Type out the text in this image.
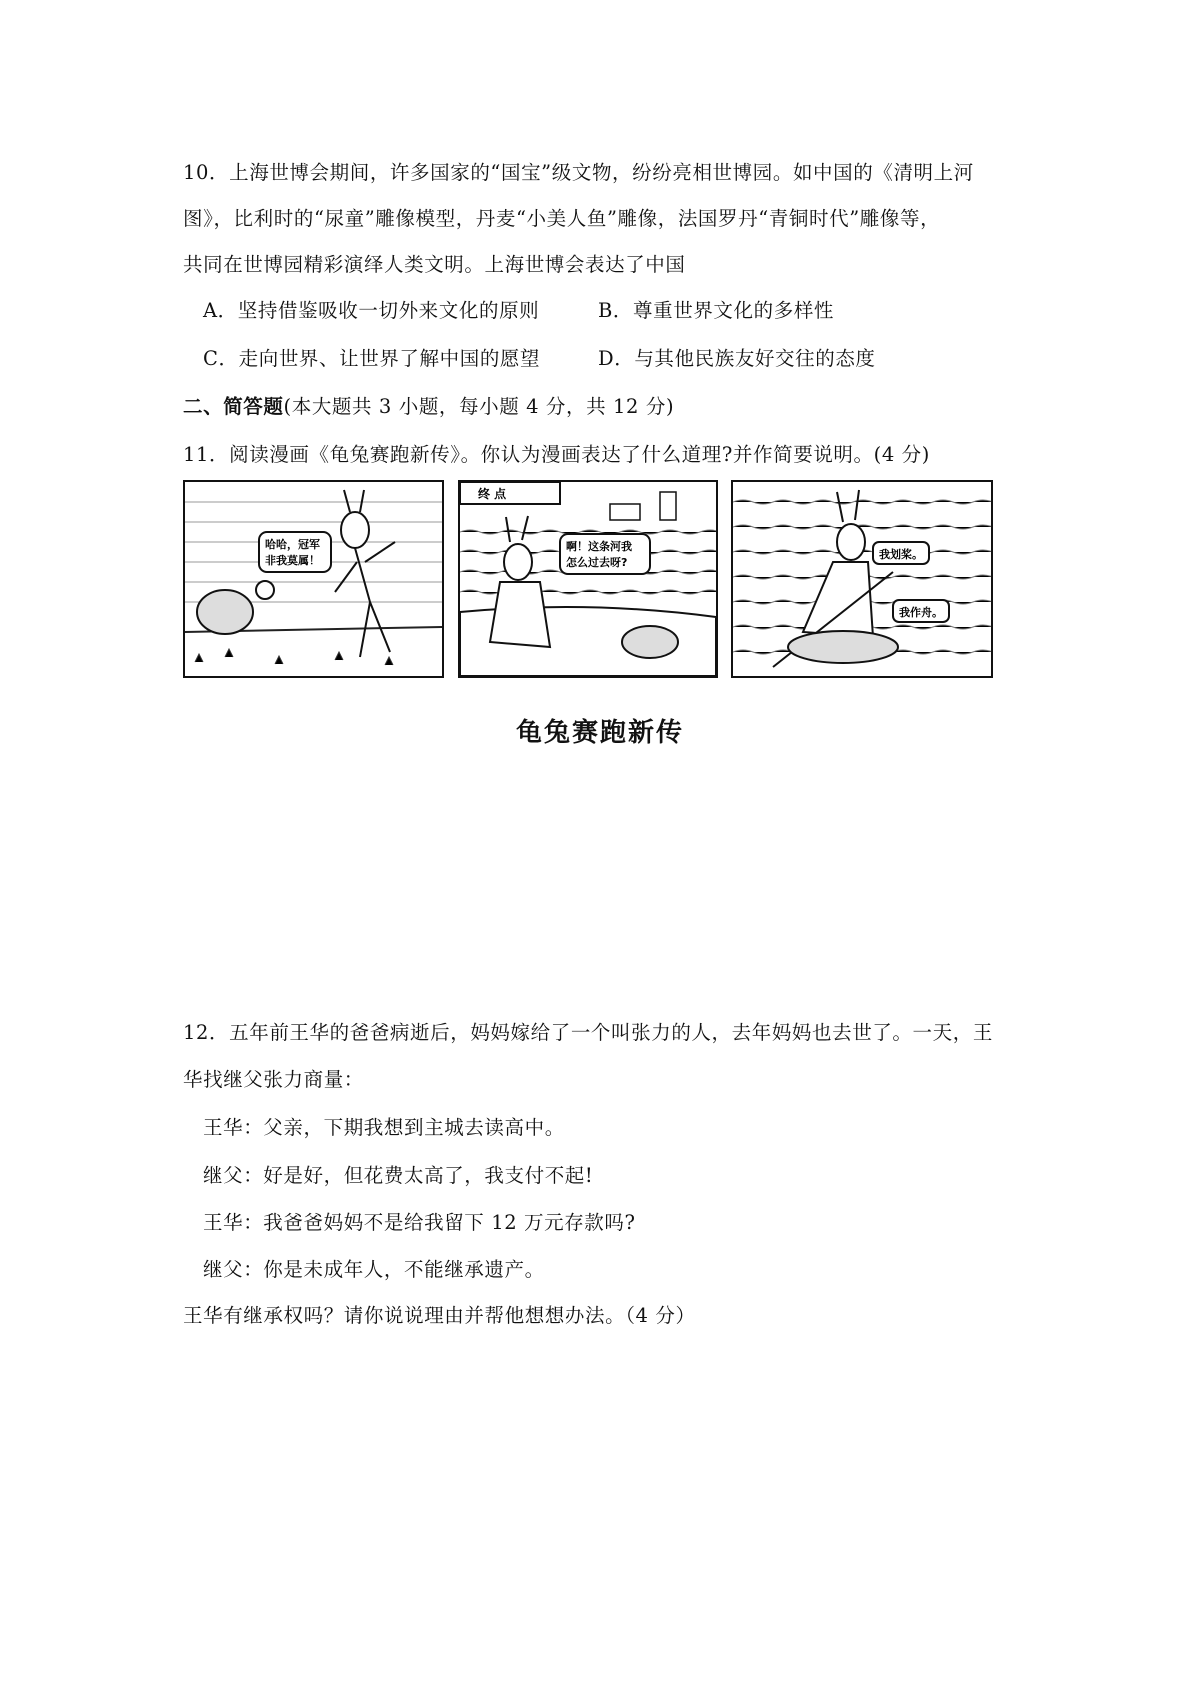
10．上海世博会期间，许多国家的“国宝”级文物，纷纷亮相世博园。如中国的《清明上河
图》，比利时的“尿童”雕像模型，丹麦“小美人鱼”雕像，法国罗丹“青铜时代”雕像等，
共同在世博园精彩演绎人类文明。上海世博会表达了中国
A．坚持借鉴吸收一切外来文化的原则	B．尊重世界文化的多样性
C．走向世界、让世界了解中国的愿望	D．与其他民族友好交往的态度
二、简答题(本大题共 3 小题，每小题 4 分，共 12 分)
11．阅读漫画《龟兔赛跑新传》。你认为漫画表达了什么道理?并作简要说明。(4 分)
哈哈，冠军
非我莫属！
终 点
啊！这条河我
怎么过去呀?
我划桨。
我作舟。
龟兔赛跑新传
12．五年前王华的爸爸病逝后，妈妈嫁给了一个叫张力的人，去年妈妈也去世了。一天，王
华找继父张力商量：
王华：父亲，下期我想到主城去读高中。
继父：好是好，但花费太高了，我支付不起!
王华：我爸爸妈妈不是给我留下 12 万元存款吗?
继父：你是未成年人，不能继承遗产。
王华有继承权吗？请你说说理由并帮他想想办法。（4 分）
